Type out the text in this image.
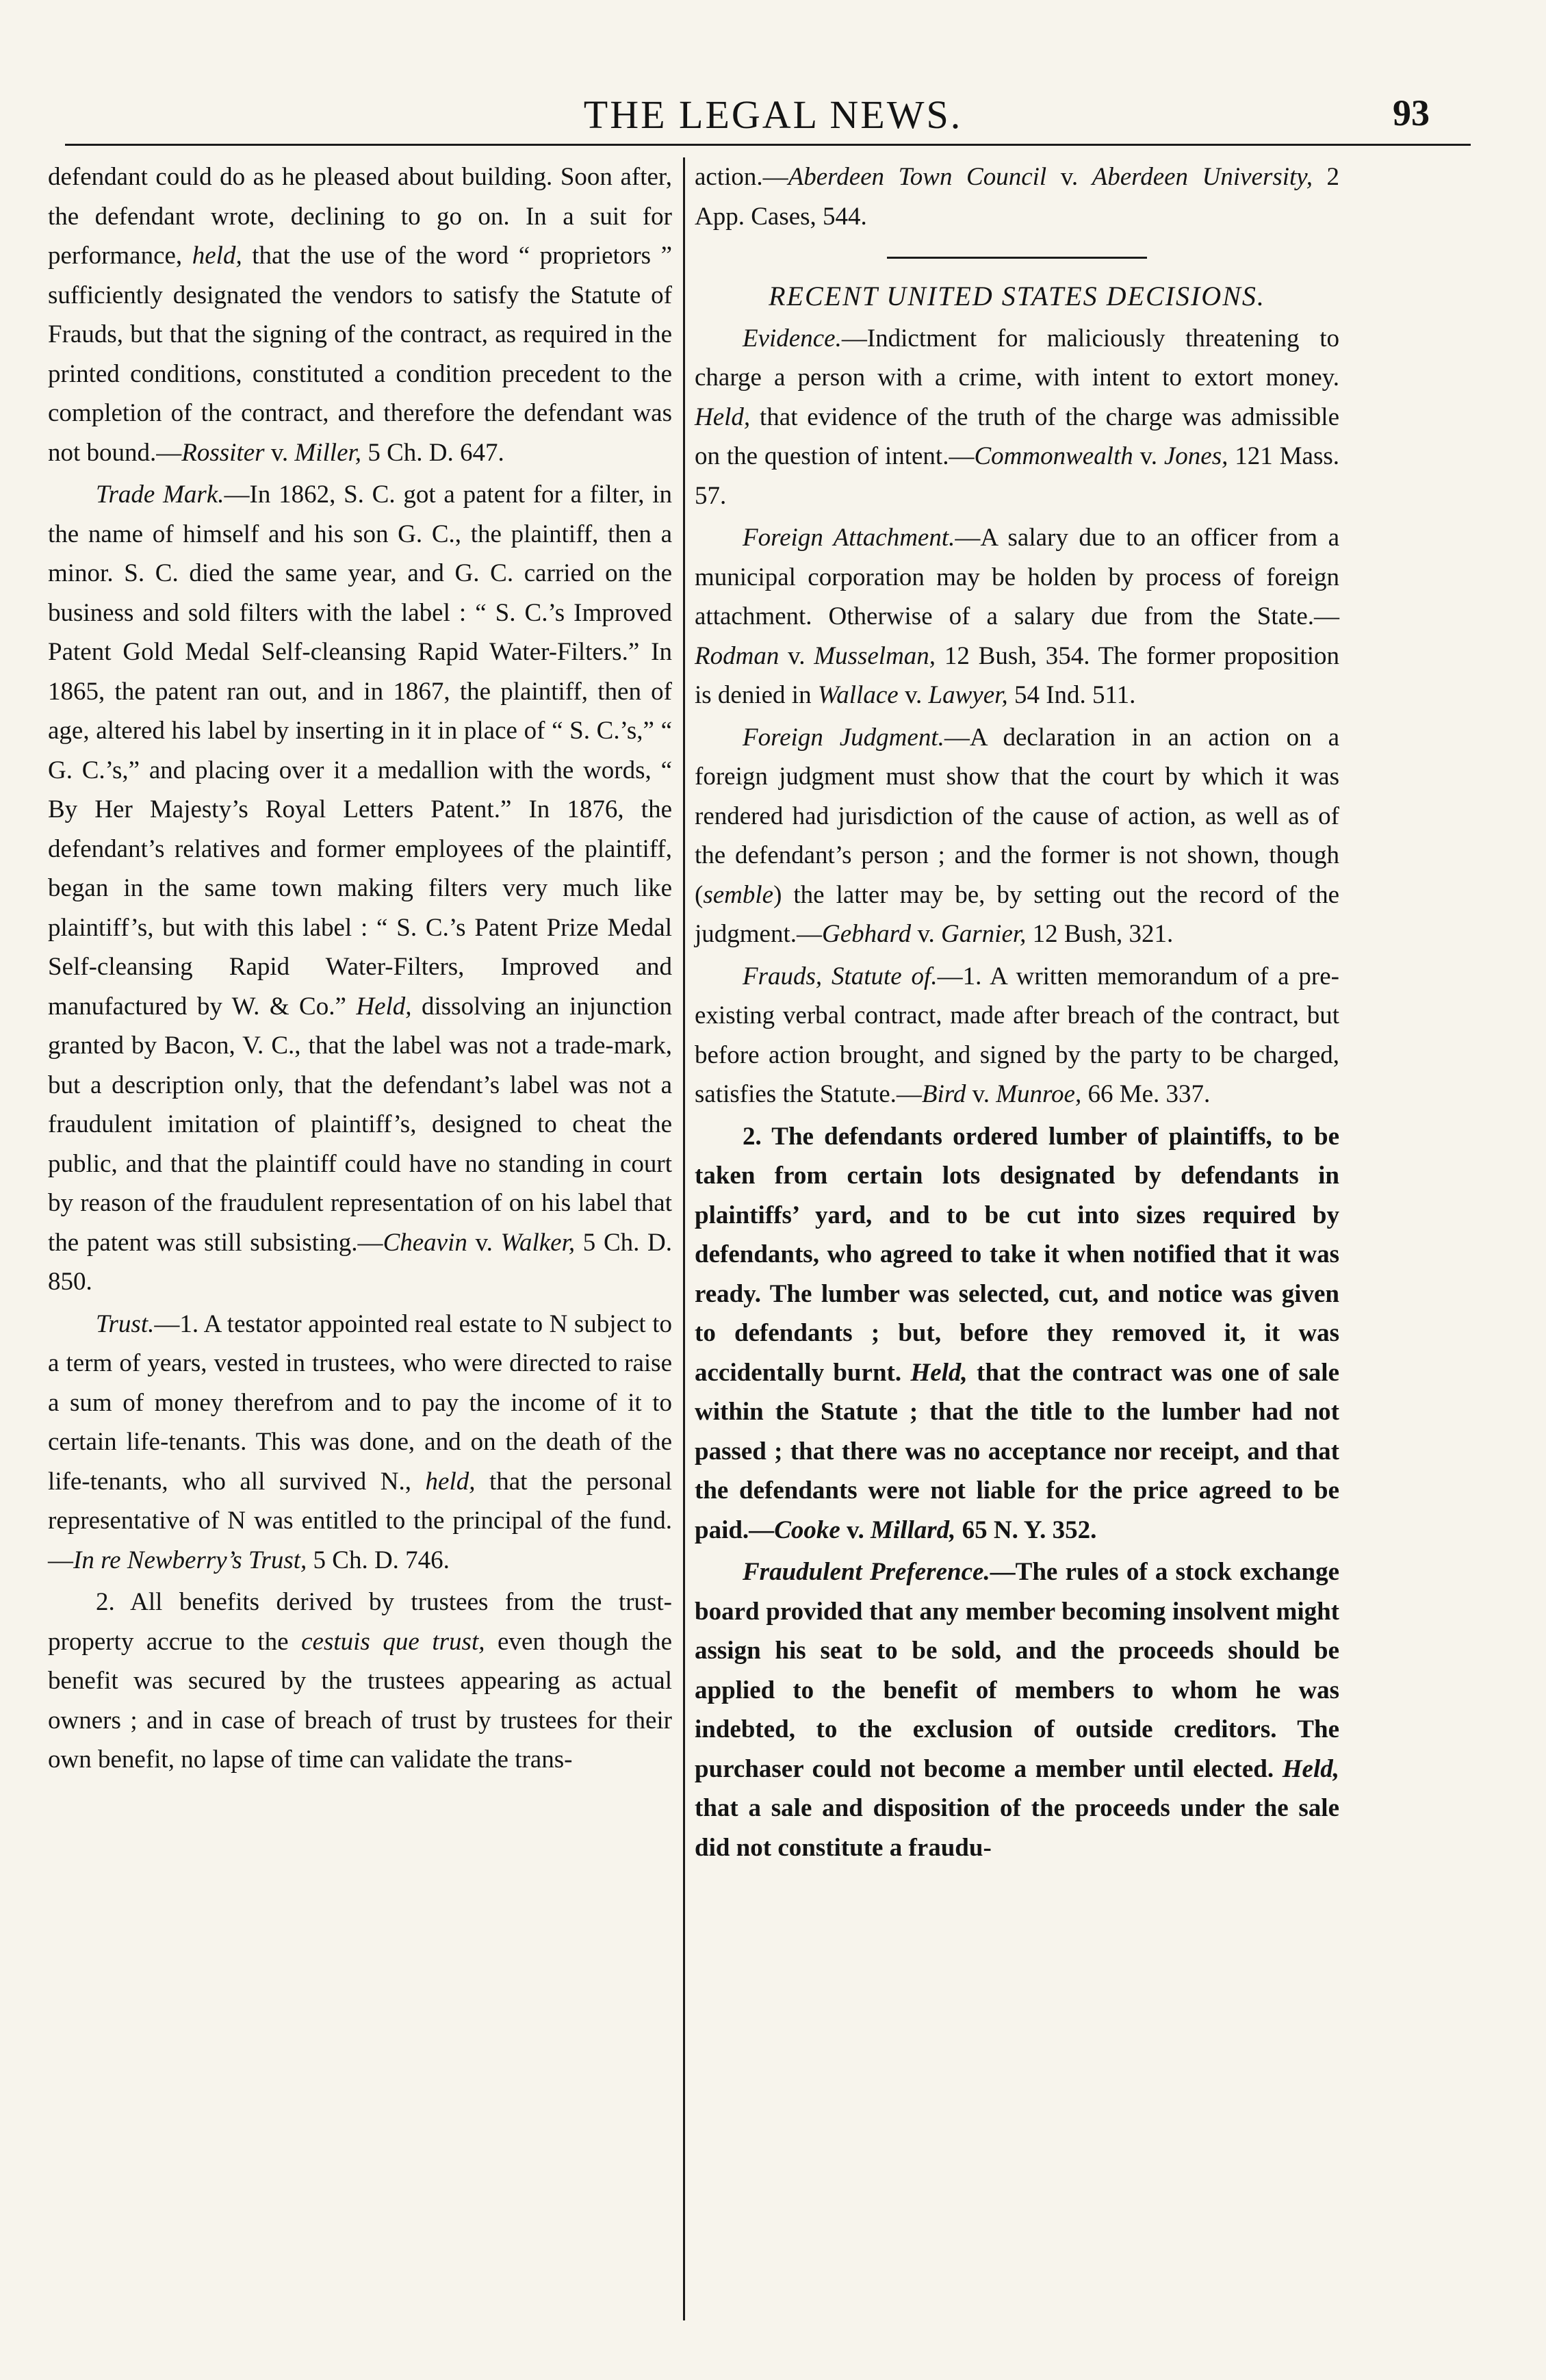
THE LEGAL NEWS.	93

defendant could do as he pleased about building. Soon after, the defendant wrote, declining to go on. In a suit for performance, held, that the use of the word “ proprietors ” sufficiently designated the vendors to satisfy the Statute of Frauds, but that the signing of the contract, as required in the printed conditions, constituted a condition precedent to the completion of the contract, and therefore the defendant was not bound.—Rossiter v. Miller, 5 Ch. D. 647.

Trade Mark.—In 1862, S. C. got a patent for a filter, in the name of himself and his son G. C., the plaintiff, then a minor. S. C. died the same year, and G. C. carried on the business and sold filters with the label : “ S. C.’s Improved Patent Gold Medal Self-cleansing Rapid Water-Filters.” In 1865, the patent ran out, and in 1867, the plaintiff, then of age, altered his label by inserting in it in place of “ S. C.’s,” “ G. C.’s,” and placing over it a medallion with the words, “ By Her Majesty’s Royal Letters Patent.” In 1876, the defendant’s relatives and former employees of the plaintiff, began in the same town making filters very much like plaintiff’s, but with this label : “ S. C.’s Patent Prize Medal Self-cleansing Rapid Water-Filters, Improved and manufactured by W. & Co.” Held, dissolving an injunction granted by Bacon, V. C., that the label was not a trade-mark, but a description only, that the defendant’s label was not a fraudulent imitation of plaintiff’s, designed to cheat the public, and that the plaintiff could have no standing in court by reason of the fraudulent representation of on his label that the patent was still subsisting.—Cheavin v. Walker, 5 Ch. D. 850.

Trust.—1. A testator appointed real estate to N subject to a term of years, vested in trustees, who were directed to raise a sum of money therefrom and to pay the income of it to certain life-tenants. This was done, and on the death of the life-tenants, who all survived N., held, that the personal representative of N was entitled to the principal of the fund.—In re Newberry’s Trust, 5 Ch. D. 746.

2. All benefits derived by trustees from the trust-property accrue to the cestuis que trust, even though the benefit was secured by the trustees appearing as actual owners ; and in case of breach of trust by trustees for their own benefit, no lapse of time can validate the trans-

action.—Aberdeen Town Council v. Aberdeen University, 2 App. Cases, 544.

RECENT UNITED STATES DECISIONS.

Evidence.—Indictment for maliciously threatening to charge a person with a crime, with intent to extort money. Held, that evidence of the truth of the charge was admissible on the question of intent.—Commonwealth v. Jones, 121 Mass. 57.

Foreign Attachment.—A salary due to an officer from a municipal corporation may be holden by process of foreign attachment. Otherwise of a salary due from the State.—Rodman v. Musselman, 12 Bush, 354. The former proposition is denied in Wallace v. Lawyer, 54 Ind. 511.

Foreign Judgment.—A declaration in an action on a foreign judgment must show that the court by which it was rendered had jurisdiction of the cause of action, as well as of the defendant’s person ; and the former is not shown, though (semble) the latter may be, by setting out the record of the judgment.—Gebhard v. Garnier, 12 Bush, 321.

Frauds, Statute of.—1. A written memorandum of a pre-existing verbal contract, made after breach of the contract, but before action brought, and signed by the party to be charged, satisfies the Statute.—Bird v. Munroe, 66 Me. 337.

2. The defendants ordered lumber of plaintiffs, to be taken from certain lots designated by defendants in plaintiffs’ yard, and to be cut into sizes required by defendants, who agreed to take it when notified that it was ready. The lumber was selected, cut, and notice was given to defendants ; but, before they removed it, it was accidentally burnt. Held, that the contract was one of sale within the Statute ; that the title to the lumber had not passed ; that there was no acceptance nor receipt, and that the defendants were not liable for the price agreed to be paid.—Cooke v. Millard, 65 N. Y. 352.

Fraudulent Preference.—The rules of a stock exchange board provided that any member becoming insolvent might assign his seat to be sold, and the proceeds should be applied to the benefit of members to whom he was indebted, to the exclusion of outside creditors. The purchaser could not become a member until elected. Held, that a sale and disposition of the proceeds under the sale did not constitute a fraudu-
